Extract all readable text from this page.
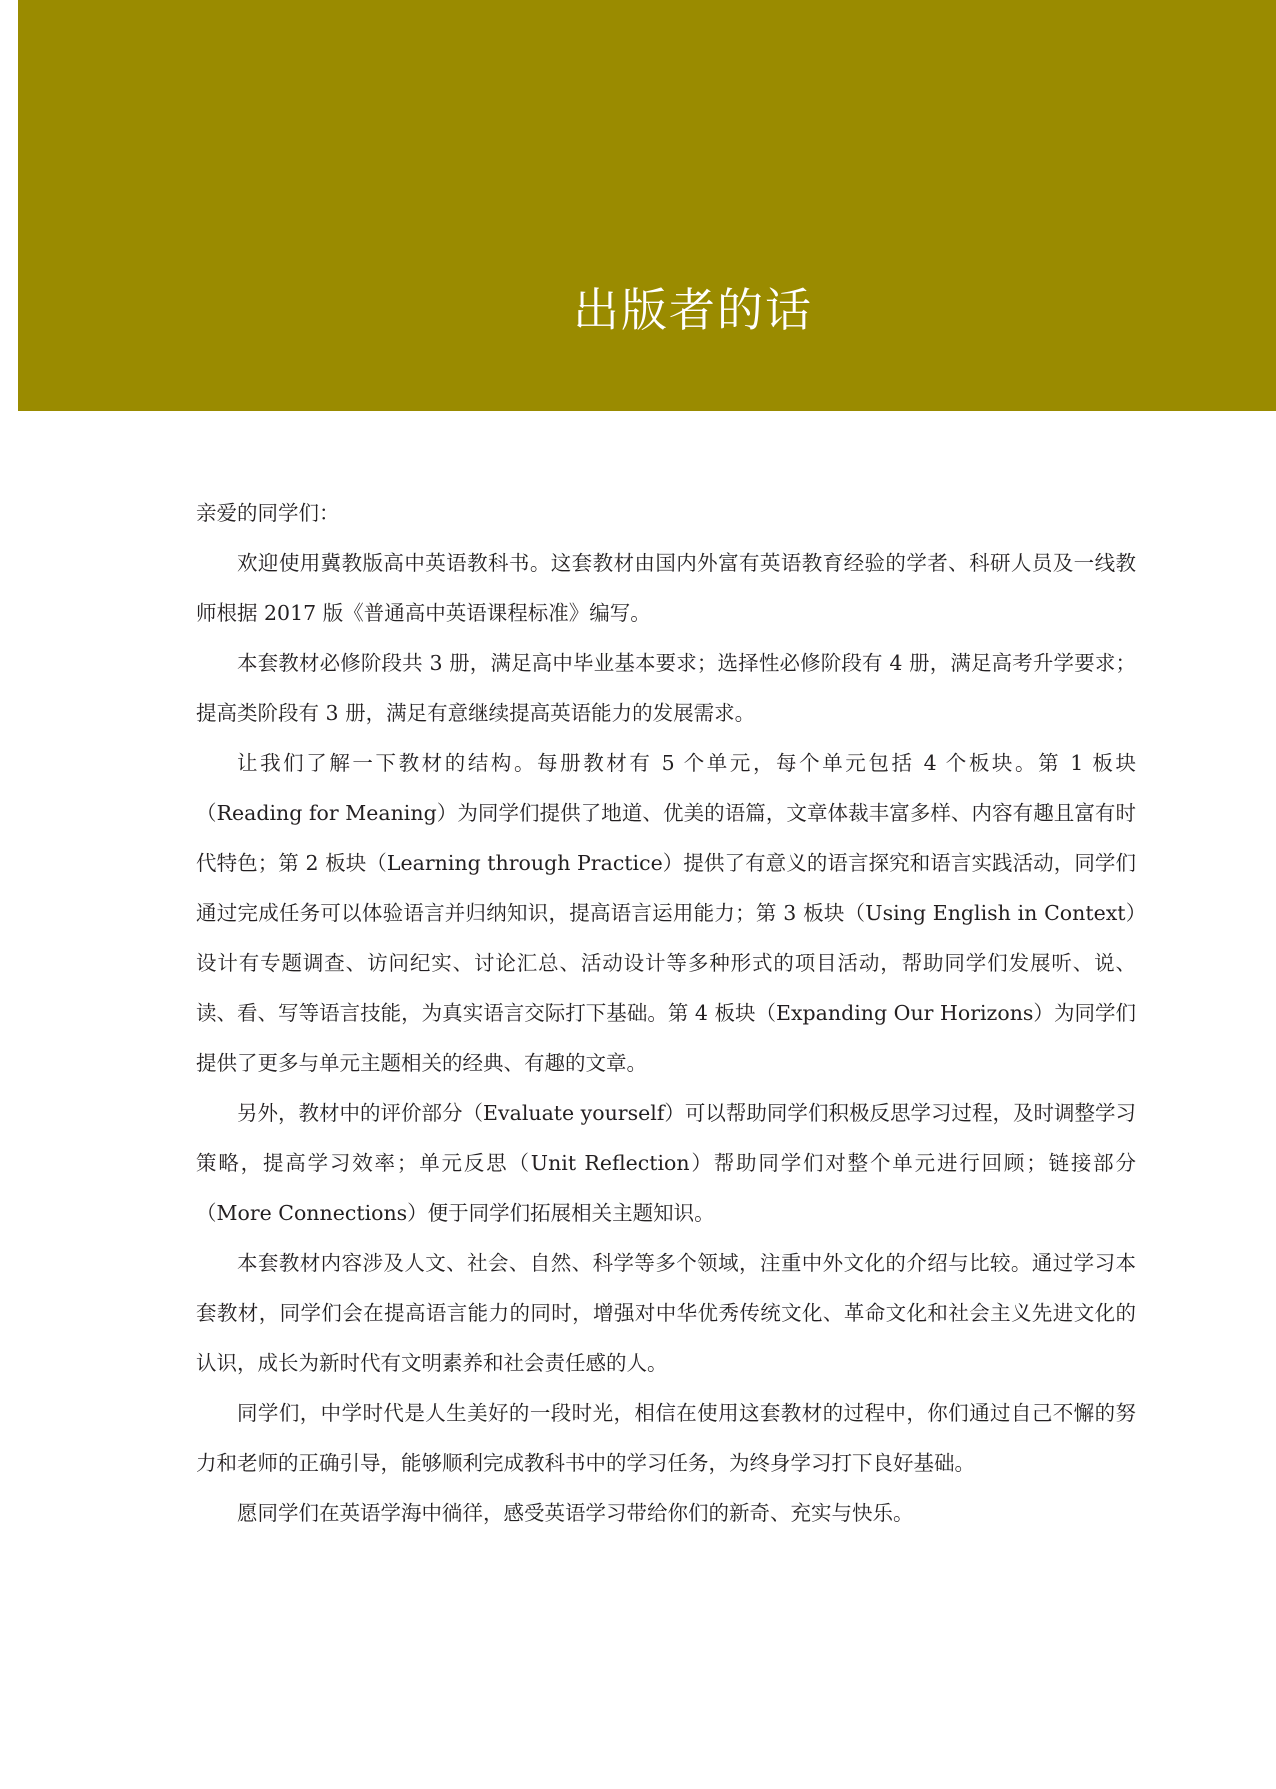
出版者的话

亲爱的同学们：

欢迎使用冀教版高中英语教科书。这套教材由国内外富有英语教育经验的学者、科研人员及一线教师根据 2017 版《普通高中英语课程标准》编写。

本套教材必修阶段共 3 册，满足高中毕业基本要求；选择性必修阶段有 4 册，满足高考升学要求；提高类阶段有 3 册，满足有意继续提高英语能力的发展需求。

让我们了解一下教材的结构。每册教材有 5 个单元，每个单元包括 4 个板块。第 1 板块（Reading for Meaning）为同学们提供了地道、优美的语篇，文章体裁丰富多样、内容有趣且富有时代特色；第 2 板块（Learning through Practice）提供了有意义的语言探究和语言实践活动，同学们通过完成任务可以体验语言并归纳知识，提高语言运用能力；第 3 板块（Using English in Context）设计有专题调查、访问纪实、讨论汇总、活动设计等多种形式的项目活动，帮助同学们发展听、说、读、看、写等语言技能，为真实语言交际打下基础。第 4 板块（Expanding Our Horizons）为同学们提供了更多与单元主题相关的经典、有趣的文章。

另外，教材中的评价部分（Evaluate yourself）可以帮助同学们积极反思学习过程，及时调整学习策略，提高学习效率；单元反思（Unit Reflection）帮助同学们对整个单元进行回顾；链接部分（More Connections）便于同学们拓展相关主题知识。

本套教材内容涉及人文、社会、自然、科学等多个领域，注重中外文化的介绍与比较。通过学习本套教材，同学们会在提高语言能力的同时，增强对中华优秀传统文化、革命文化和社会主义先进文化的认识，成长为新时代有文明素养和社会责任感的人。

同学们，中学时代是人生美好的一段时光，相信在使用这套教材的过程中，你们通过自己不懈的努力和老师的正确引导，能够顺利完成教科书中的学习任务，为终身学习打下良好基础。

愿同学们在英语学海中徜徉，感受英语学习带给你们的新奇、充实与快乐。
